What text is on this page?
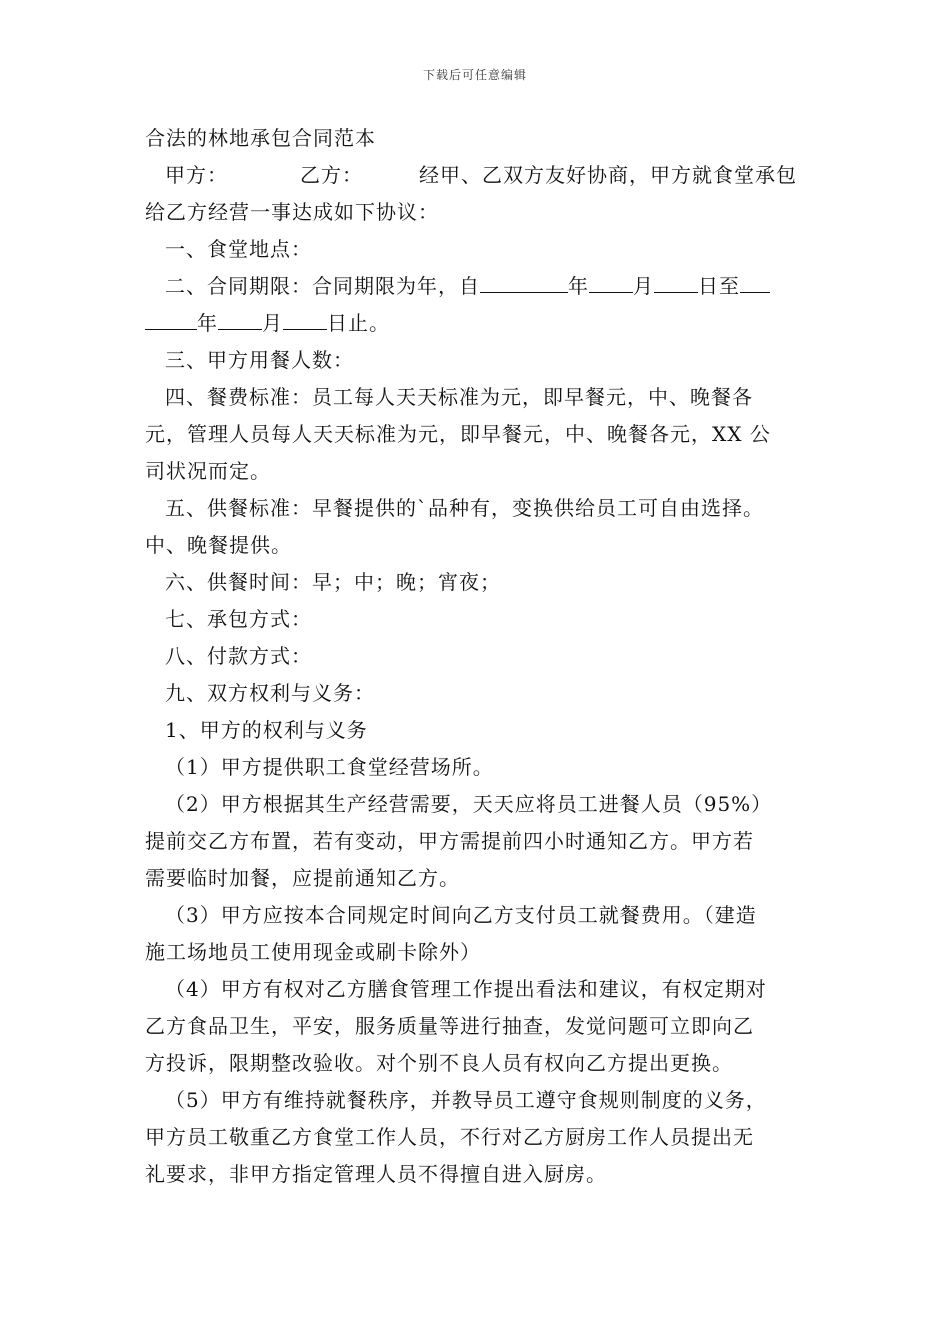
下载后可任意编辑

合法的林地承包合同范本

甲方：	乙方：	经甲、乙双方友好协商，甲方就食堂承包

给乙方经营一事达成如下协议：

一、食堂地点：

二、合同期限：合同期限为年，自	年 月 日至

年 月 日止。

三、甲方用餐人数：

四、餐费标准：员工每人天天标准为元，即早餐元，中、晚餐各

元，管理人员每人天天标准为元，即早餐元，中、晚餐各元，XX 公

司状况而定。

五、供餐标准：早餐提供的`品种有，变换供给员工可自由选择。

中、晚餐提供。

六、供餐时间：早；中；晚；宵夜；

七、承包方式：

八、付款方式：

九、双方权利与义务：

1、甲方的权利与义务

（1）甲方提供职工食堂经营场所。

（2）甲方根据其生产经营需要，天天应将员工进餐人员（95%）

提前交乙方布置，若有变动，甲方需提前四小时通知乙方。甲方若

需要临时加餐，应提前通知乙方。

（3）甲方应按本合同规定时间向乙方支付员工就餐费用。（建造

施工场地员工使用现金或刷卡除外）

（4）甲方有权对乙方膳食管理工作提出看法和建议，有权定期对

乙方食品卫生，平安，服务质量等进行抽查，发觉问题可立即向乙

方投诉，限期整改验收。对个别不良人员有权向乙方提出更换。

（5）甲方有维持就餐秩序，并教导员工遵守食规则制度的义务，

甲方员工敬重乙方食堂工作人员，不行对乙方厨房工作人员提出无

礼要求，非甲方指定管理人员不得擅自进入厨房。
